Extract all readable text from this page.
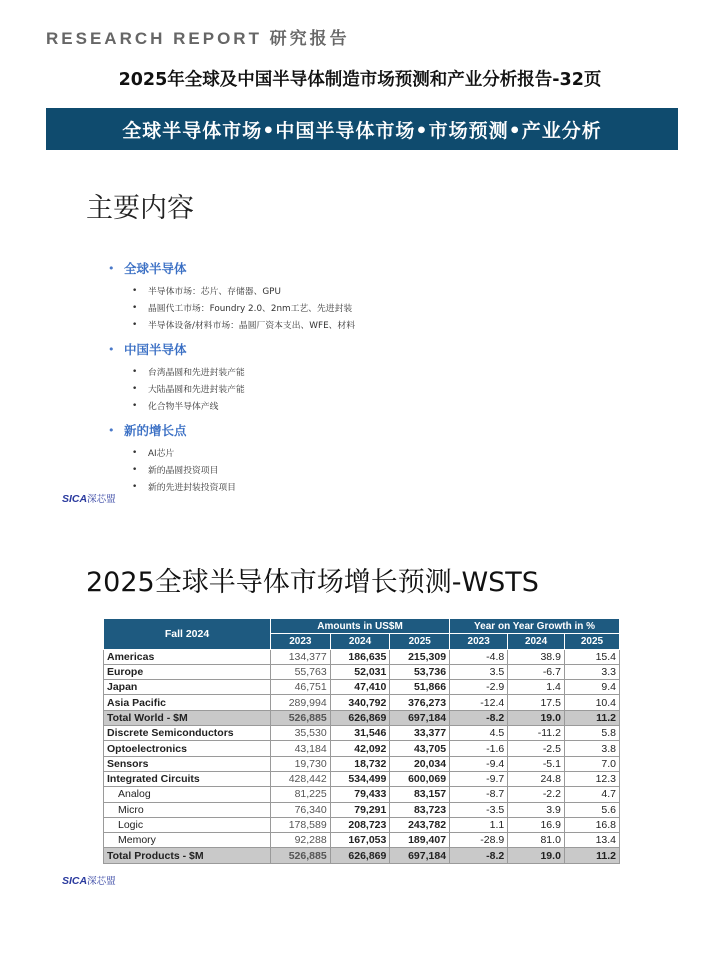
RESEARCH REPORT 研究报告
2025年全球及中国半导体制造市场预测和产业分析报告-32页
全球半导体市场•中国半导体市场•市场预测•产业分析
主要内容
• 全球半导体
•	半导体市场：芯片、存储器、GPU
•	晶圆代工市场：Foundry 2.0、2nm工艺、先进封装
•	半导体设备/材料市场：晶圆厂资本支出、WFE、材料
• 中国半导体
•	台湾晶圆和先进封装产能
•	大陆晶圆和先进封装产能
•	化合物半导体产线
• 新的增长点
•	AI芯片
•	新的晶圆投资项目
•	新的先进封装投资项目
SICA深芯盟
2025全球半导体市场增长预测-WSTS
Fall 2024	Amounts in US$M			Year on Year Growth in %		
	2023	2024	2025	2023	2024	2025
Americas	134,377	186,635	215,309	-4.8	38.9	15.4
Europe	55,763	52,031	53,736	3.5	-6.7	3.3
Japan	46,751	47,410	51,866	-2.9	1.4	9.4
Asia Pacific	289,994	340,792	376,273	-12.4	17.5	10.4
Total World - $M	526,885	626,869	697,184	-8.2	19.0	11.2
Discrete Semiconductors	35,530	31,546	33,377	4.5	-11.2	5.8
Optoelectronics	43,184	42,092	43,705	-1.6	-2.5	3.8
Sensors	19,730	18,732	20,034	-9.4	-5.1	7.0
Integrated Circuits	428,442	534,499	600,069	-9.7	24.8	12.3
Analog	81,225	79,433	83,157	-8.7	-2.2	4.7
Micro	76,340	79,291	83,723	-3.5	3.9	5.6
Logic	178,589	208,723	243,782	1.1	16.9	16.8
Memory	92,288	167,053	189,407	-28.9	81.0	13.4
Total Products - $M	526,885	626,869	697,184	-8.2	19.0	11.2
SICA深芯盟
